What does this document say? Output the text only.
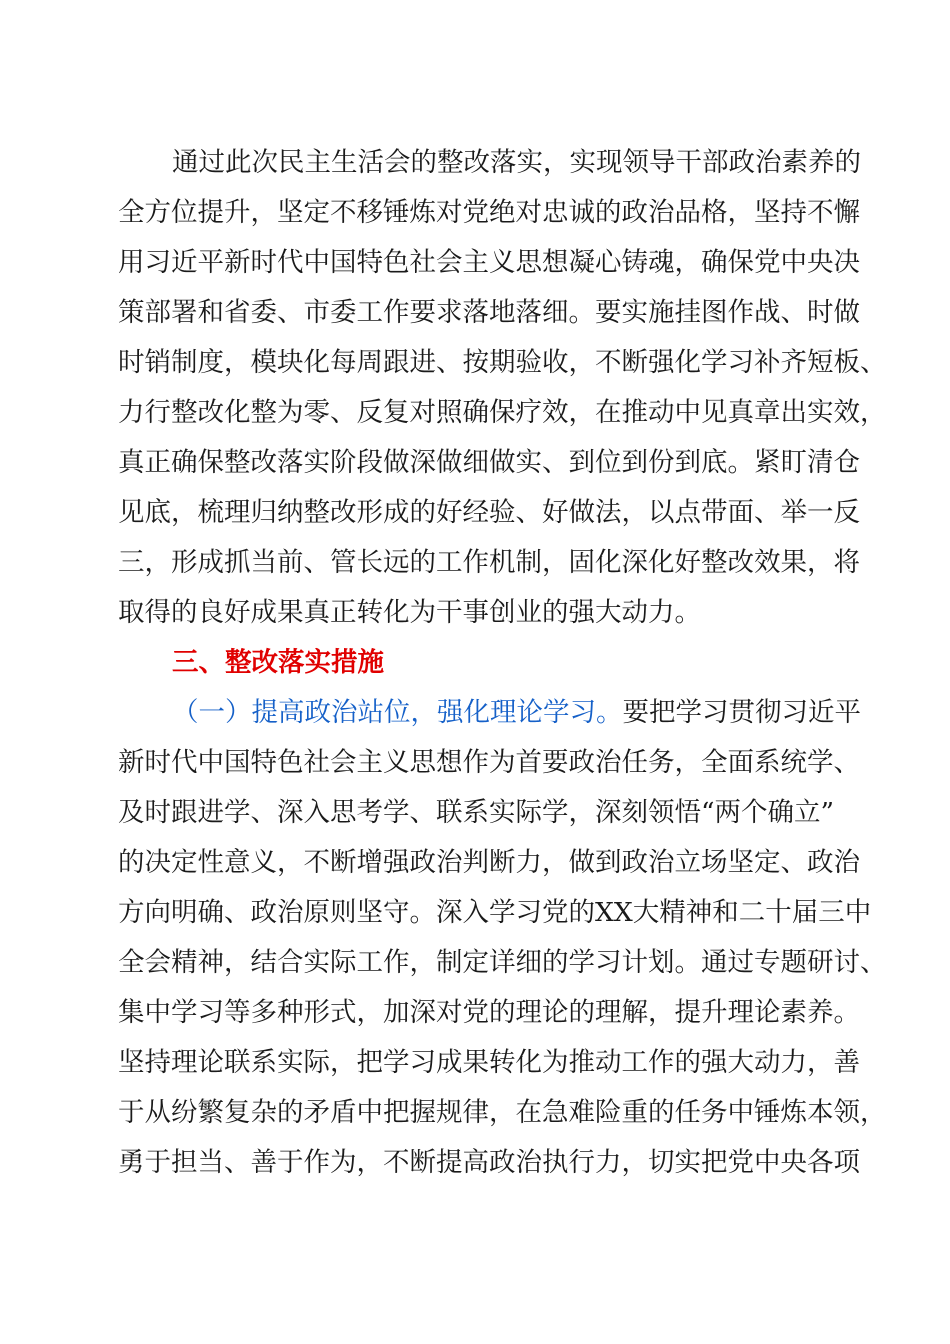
通过此次民主生活会的整改落实，实现领导干部政治素养的

全方位提升，坚定不移锤炼对党绝对忠诚的政治品格，坚持不懈

用习近平新时代中国特色社会主义思想凝心铸魂，确保党中央决

策部署和省委、市委工作要求落地落细。要实施挂图作战、时做

时销制度，模块化每周跟进、按期验收，不断强化学习补齐短板、

力行整改化整为零、反复对照确保疗效，在推动中见真章出实效，

真正确保整改落实阶段做深做细做实、到位到份到底。紧盯清仓

见底，梳理归纳整改形成的好经验、好做法，以点带面、举一反

三，形成抓当前、管长远的工作机制，固化深化好整改效果，将

取得的良好成果真正转化为干事创业的强大动力。

三、整改落实措施

（一）提高政治站位，强化理论学习。要把学习贯彻习近平

新时代中国特色社会主义思想作为首要政治任务，全面系统学、

及时跟进学、深入思考学、联系实际学，深刻领悟“两个确立”

的决定性意义，不断增强政治判断力，做到政治立场坚定、政治

方向明确、政治原则坚守。深入学习党的XX大精神和二十届三中

全会精神，结合实际工作，制定详细的学习计划。通过专题研讨、

集中学习等多种形式，加深对党的理论的理解，提升理论素养。

坚持理论联系实际，把学习成果转化为推动工作的强大动力，善

于从纷繁复杂的矛盾中把握规律，在急难险重的任务中锤炼本领，

勇于担当、善于作为，不断提高政治执行力，切实把党中央各项
